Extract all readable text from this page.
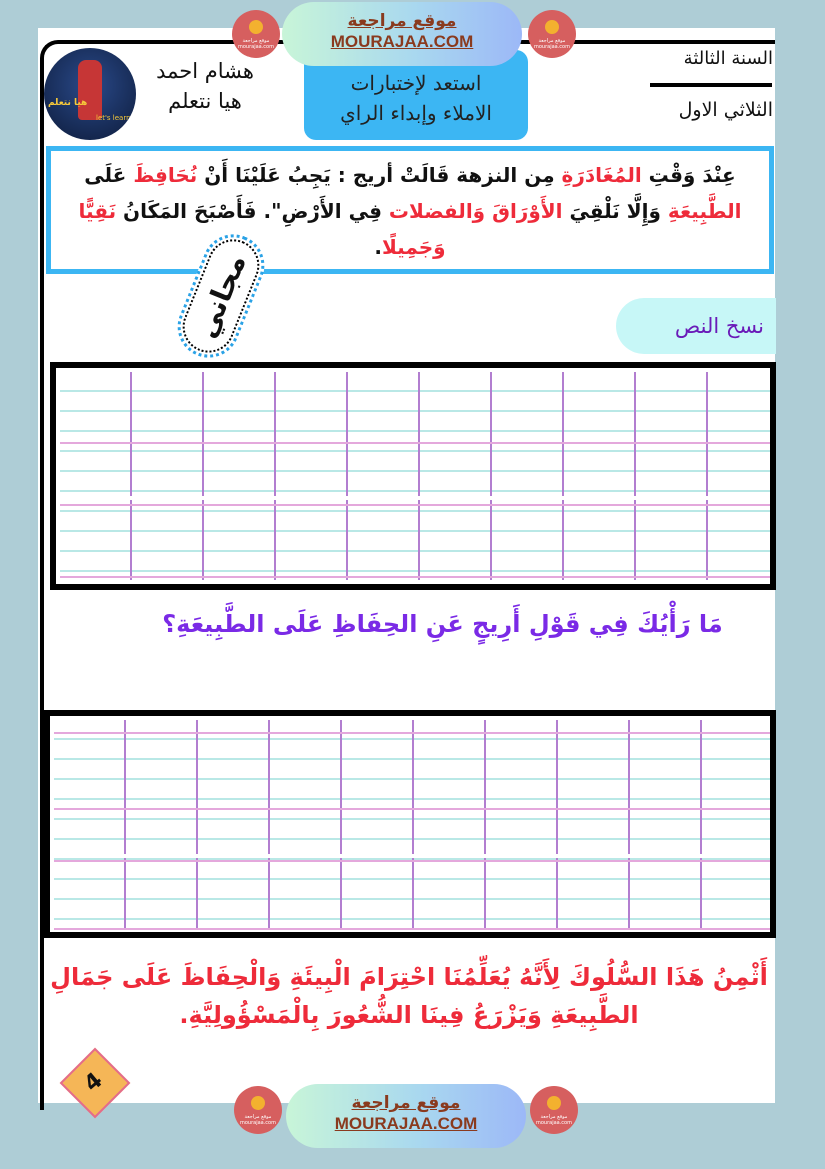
موقع مراجعة mourajaa.com
موقع مراجعة
MOURAJAA.COM	موقع مراجعة mourajaa.com
هيا نتعلم
let's learn
هشام احمد
هيا نتعلم
استعد لإختبارات
الاملاء وإبداء الراي
السنة الثالثة
الثلاثي الاول
عِنْدَ وَقْتِ المُغَادَرَةِ مِن النزهة قَالَتْ أريج : يَجِبُ عَلَيْنَا أَنْ نُحَافِظَ عَلَى الطَّبِيعَةِ وَإِلَّا نَلْقِيَ الأَوْرَاقَ وَالفضلات فِي الأَرْضِ". فَأَصْبَحَ المَكَانُ نَقِيًّا وَجَمِيلًا.
مجاني	نسخ النص
مَا رَأْيُكَ فِي قَوْلِ أَرِيجٍ عَنِ الحِفَاظِ عَلَى الطَّبِيعَةِ؟
أَثْمِنُ هَذَا السُّلُوكَ لِأَنَّهُ يُعَلِّمُنَا احْتِرَامَ الْبِيئَةِ وَالْحِفَاظَ عَلَى جَمَالِ
الطَّبِيعَةِ وَيَزْرَعُ فِينَا الشُّعُورَ بِالْمَسْؤُولِيَّةِ.
4
موقع مراجعة mourajaa.com
موقع مراجعة
MOURAJAA.COM	موقع مراجعة mourajaa.com
